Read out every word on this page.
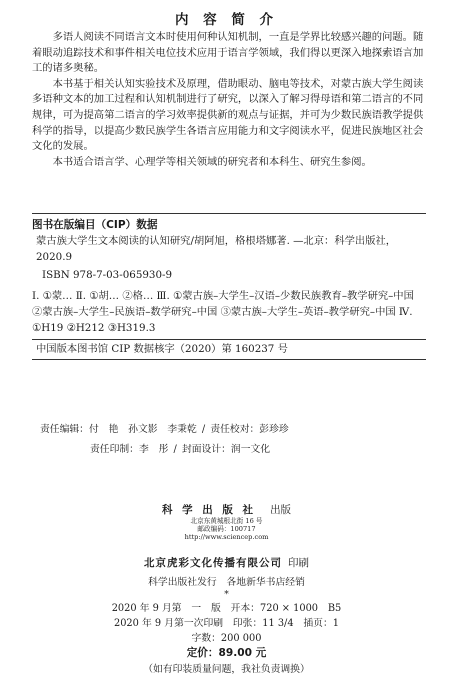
内 容 简 介

多语人阅读不同语言文本时使用何种认知机制，一直是学界比较感兴趣的问题。随着眼动追踪技术和事件相关电位技术应用于语言学领域，我们得以更深入地探索语言加工的诸多奥秘。

本书基于相关认知实验技术及原理，借助眼动、脑电等技术，对蒙古族大学生阅读多语种文本的加工过程和认知机制进行了研究，以深入了解习得母语和第二语言的不同规律，可为提高第二语言的学习效率提供新的观点与证据，并可为少数民族语教学提供科学的指导，以提高少数民族学生各语言应用能力和文字阅读水平，促进民族地区社会文化的发展。

本书适合语言学、心理学等相关领域的研究者和本科生、研究生参阅。

图书在版编目（CIP）数据
蒙古族大学生文本阅读的认知研究/胡阿旭，格根塔娜著. —北京：科学出版社，2020.9
ISBN 978-7-03-065930-9
Ⅰ. ①蒙… Ⅱ. ①胡… ②格… Ⅲ. ①蒙古族–大学生–汉语–少数民族教育–教学研究–中国 ②蒙古族–大学生–民族语–数学研究–中国 ③蒙古族–大学生–英语–教学研究–中国 Ⅳ. ①H19 ②H212 ③H319.3
中国版本图书馆 CIP 数据核字（2020）第 160237 号
责任编辑：付　艳　孙文影　李秉乾 / 责任校对：彭珍珍
责任印制：李　彤 / 封面设计：润一文化
科 学 出 版 社 出版
北京东黄城根北街 16 号
邮政编码：100717
http://www.sciencep.com
北京虎彩文化传播有限公司 印刷
科学出版社发行　各地新华书店经销
*
2020 年 9 月第　一　版　开本：720 × 1000　B5
2020 年 9 月第一次印刷　印张：11 3/4　插页：1
字数：200 000
定价：89.00 元
（如有印装质量问题，我社负责调换）
